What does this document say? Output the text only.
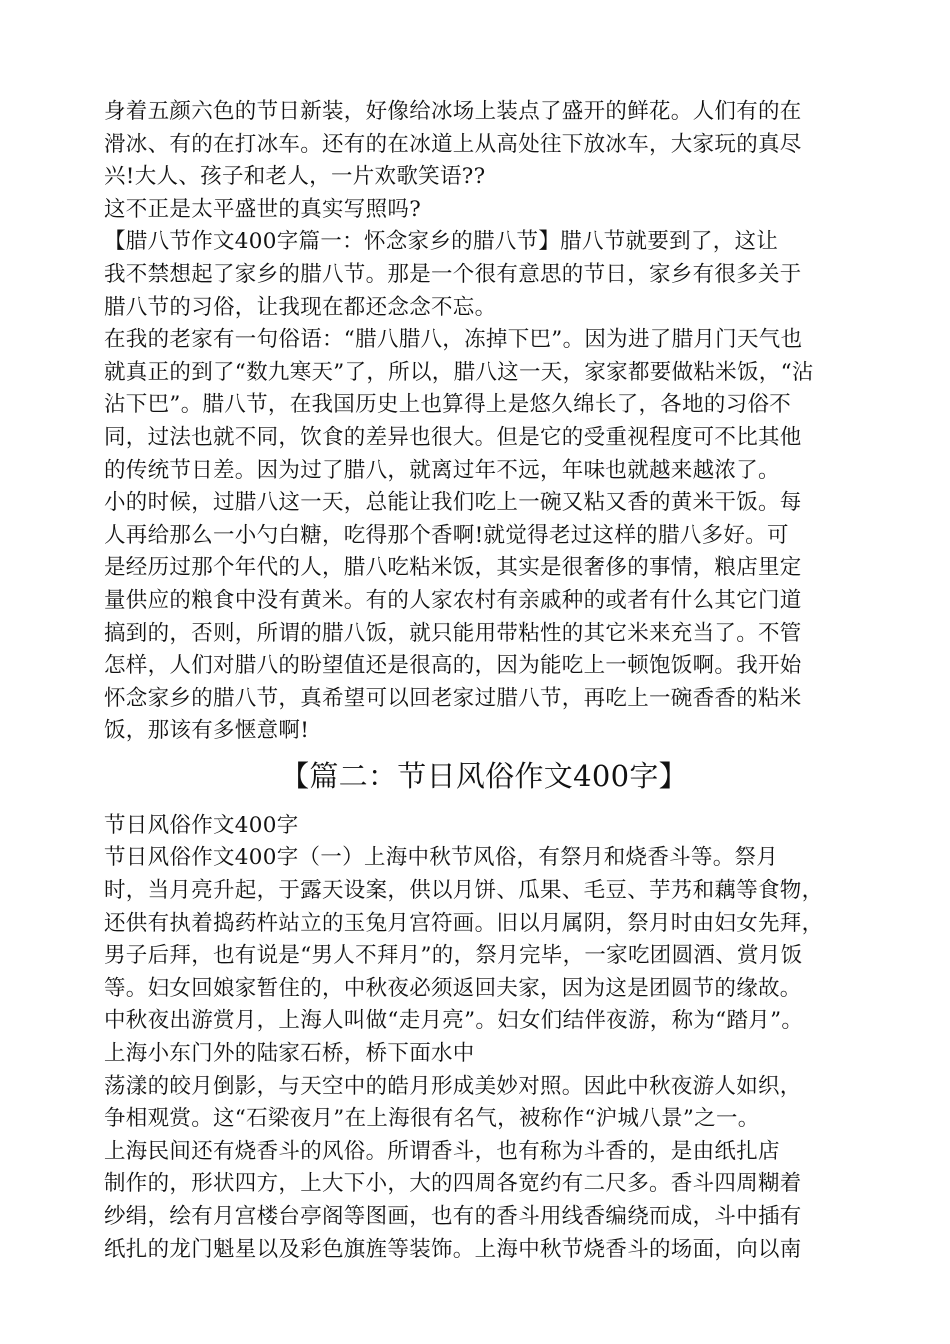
身着五颜六色的节日新装，好像给冰场上装点了盛开的鲜花。人们有的在
滑冰、有的在打冰车。还有的在冰道上从高处往下放冰车，大家玩的真尽
兴!大人、孩子和老人，一片欢歌笑语??
这不正是太平盛世的真实写照吗?
【腊八节作文400字篇一：怀念家乡的腊八节】腊八节就要到了，这让
我不禁想起了家乡的腊八节。那是一个很有意思的节日，家乡有很多关于
腊八节的习俗，让我现在都还念念不忘。
在我的老家有一句俗语：“腊八腊八，冻掉下巴”。因为进了腊月门天气也
就真正的到了“数九寒天”了，所以，腊八这一天，家家都要做粘米饭，“沾
沾下巴”。腊八节，在我国历史上也算得上是悠久绵长了，各地的习俗不
同，过法也就不同，饮食的差异也很大。但是它的受重视程度可不比其他
的传统节日差。因为过了腊八，就离过年不远，年味也就越来越浓了。
小的时候，过腊八这一天，总能让我们吃上一碗又粘又香的黄米干饭。每
人再给那么一小勺白糖，吃得那个香啊!就觉得老过这样的腊八多好。可
是经历过那个年代的人，腊八吃粘米饭，其实是很奢侈的事情，粮店里定
量供应的粮食中没有黄米。有的人家农村有亲戚种的或者有什么其它门道
搞到的，否则，所谓的腊八饭，就只能用带粘性的其它米来充当了。不管
怎样，人们对腊八的盼望值还是很高的，因为能吃上一顿饱饭啊。我开始
怀念家乡的腊八节，真希望可以回老家过腊八节，再吃上一碗香香的粘米
饭，那该有多惬意啊!
【篇二：节日风俗作文400字】
节日风俗作文400字
节日风俗作文400字（一）上海中秋节风俗，有祭月和烧香斗等。祭月
时，当月亮升起，于露天设案，供以月饼、瓜果、毛豆、芋艿和藕等食物，
还供有执着捣药杵站立的玉兔月宫符画。旧以月属阴，祭月时由妇女先拜，
男子后拜，也有说是“男人不拜月”的，祭月完毕，一家吃团圆酒、赏月饭
等。妇女回娘家暂住的，中秋夜必须返回夫家，因为这是团圆节的缘故。
中秋夜出游赏月，上海人叫做“走月亮”。妇女们结伴夜游，称为“踏月”。
上海小东门外的陆家石桥，桥下面水中
荡漾的皎月倒影，与天空中的皓月形成美妙对照。因此中秋夜游人如织，
争相观赏。这“石梁夜月”在上海很有名气，被称作“沪城八景”之一。
上海民间还有烧香斗的风俗。所谓香斗，也有称为斗香的，是由纸扎店
制作的，形状四方，上大下小，大的四周各宽约有二尺多。香斗四周糊着
纱绢，绘有月宫楼台亭阁等图画，也有的香斗用线香编绕而成，斗中插有
纸扎的龙门魁星以及彩色旗旌等装饰。上海中秋节烧香斗的场面，向以南
